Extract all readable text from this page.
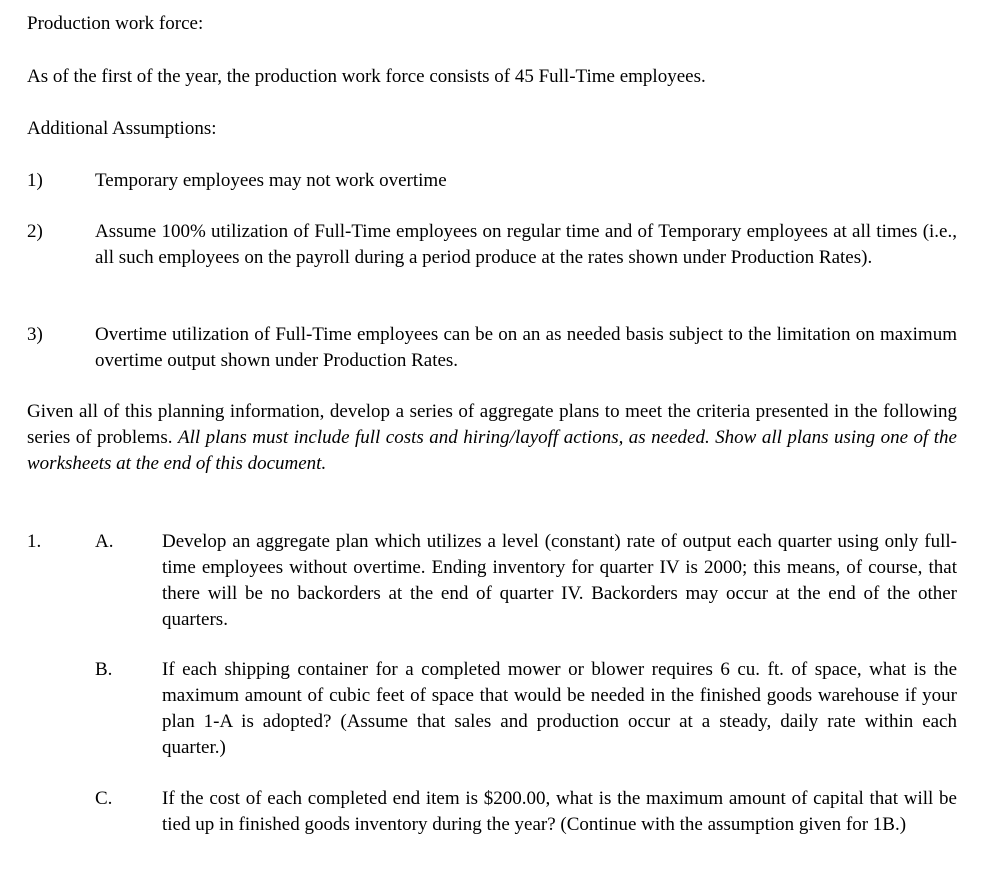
Production work force:
As of the first of the year, the production work force consists of 45 Full-Time employees.
Additional Assumptions:
1)	Temporary employees may not work overtime
2)	Assume 100% utilization of Full-Time employees on regular time and of Temporary employees at all times (i.e., all such employees on the payroll during a period produce at the rates shown under Production Rates).
3)	Overtime utilization of Full-Time employees can be on an as needed basis subject to the limitation on maximum overtime output shown under Production Rates.
Given all of this planning information, develop a series of aggregate plans to meet the criteria presented in the following series of problems. All plans must include full costs and hiring/layoff actions, as needed. Show all plans using one of the worksheets at the end of this document.
1.	A.	Develop an aggregate plan which utilizes a level (constant) rate of output each quarter using only full-time employees without overtime. Ending inventory for quarter IV is 2000; this means, of course, that there will be no backorders at the end of quarter IV. Backorders may occur at the end of the other quarters.
B.	If each shipping container for a completed mower or blower requires 6 cu. ft. of space, what is the maximum amount of cubic feet of space that would be needed in the finished goods warehouse if your plan 1-A is adopted? (Assume that sales and production occur at a steady, daily rate within each quarter.)
C.	If the cost of each completed end item is $200.00, what is the maximum amount of capital that will be tied up in finished goods inventory during the year? (Continue with the assumption given for 1B.)
